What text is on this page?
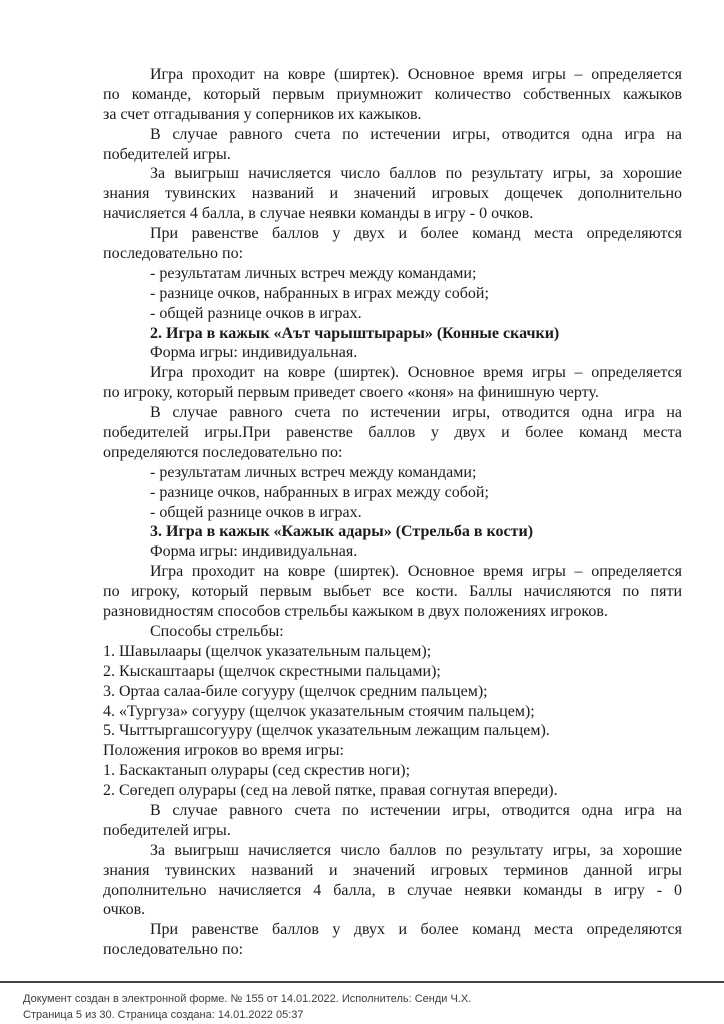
Игра проходит на ковре (ширтек). Основное время игры – определяется
по команде, который первым приумножит количество собственных кажыков
за счет отгадывания у соперников их кажыков.
В случае равного счета по истечении игры, отводится одна игра на
победителей игры.
За выигрыш начисляется число баллов по результату игры, за хорошие
знания тувинских названий и значений игровых дощечек дополнительно
начисляется 4 балла, в случае неявки команды в игру - 0 очков.
При равенстве баллов у двух и более команд места определяются
последовательно по:
- результатам личных встреч между командами;
- разнице очков, набранных в играх между собой;
- общей разнице очков в играх.
2. Игра в кажык «Аът чарыштырары» (Конные скачки)
Форма игры: индивидуальная.
Игра проходит на ковре (ширтек). Основное время игры – определяется
по игроку, который первым приведет своего «коня» на финишную черту.
В случае равного счета по истечении игры, отводится одна игра на
победителей игры.При равенстве баллов у двух и более команд места
определяются последовательно по:
- результатам личных встреч между командами;
- разнице очков, набранных в играх между собой;
- общей разнице очков в играх.
3. Игра в кажык «Кажык адары» (Стрельба в кости)
Форма игры: индивидуальная.
Игра проходит на ковре (ширтек). Основное время игры – определяется
по игроку, который первым выбьет все кости. Баллы начисляются по пяти
разновидностям способов стрельбы кажыком в двух положениях игроков.
Способы стрельбы:
1. Шавылаары (щелчок указательным пальцем);
2. Кыскаштаары (щелчок скрестными пальцами);
3. Ортаа салаа-биле согууру (щелчок средним пальцем);
4. «Тургуза» согууру (щелчок указательным стоячим пальцем);
5. Чыттыргашсогууру (щелчок указательным лежащим пальцем).
Положения игроков во время игры:
1. Баскактанып олурары (сед скрестив ноги);
2. Сөгедеп олурары (сед на левой пятке, правая согнутая впереди).
В случае равного счета по истечении игры, отводится одна игра на
победителей игры.
За выигрыш начисляется число баллов по результату игры, за хорошие
знания тувинских названий и значений игровых терминов данной игры
дополнительно начисляется 4 балла, в случае неявки команды в игру - 0
очков.
При равенстве баллов у двух и более команд места определяются
последовательно по:
Документ создан в электронной форме. № 155 от 14.01.2022. Исполнитель: Сенди Ч.Х.
Страница 5 из 30. Страница создана: 14.01.2022 05:37
